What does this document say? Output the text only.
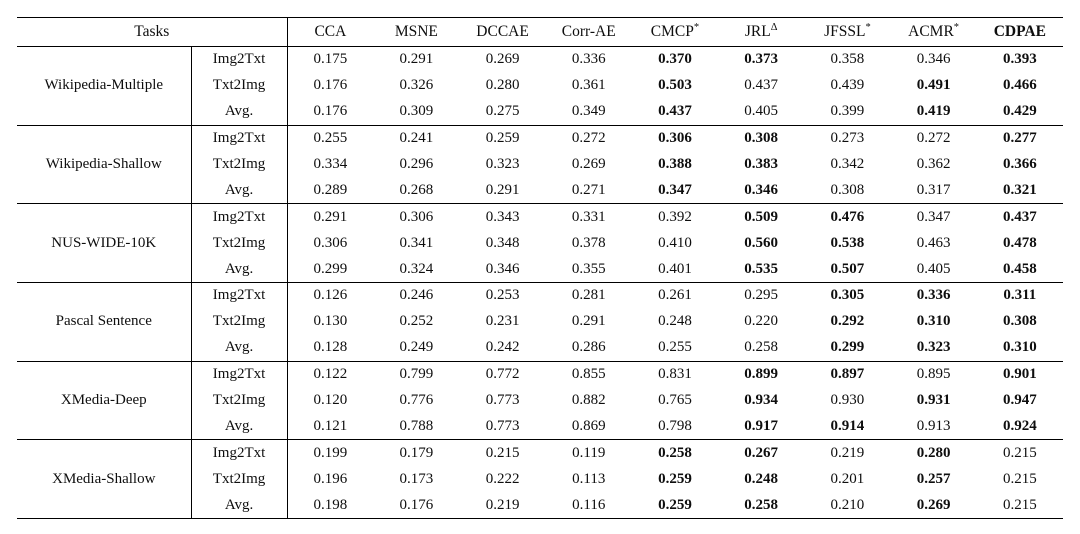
Tasks		CCA	MSNE	DCCAE	Corr-AE	CMCP*	$JRL^\Delta$	JFSSL*	ACMR*	CDPAE
Wikipedia-Multiple	Img2Txt	0.175	0.291	0.269	0.336	0.370	0.373	0.358	0.346	0.393
	Txt2Img	0.176	0.326	0.280	0.361	0.503	0.437	0.439	0.491	0.466
	Avg.	0.176	0.309	0.275	0.349	0.437	0.405	0.399	0.419	0.429
Wikipedia-Shallow	Img2Txt	0.255	0.241	0.259	0.272	0.306	0.308	0.273	0.272	0.277
	Txt2Img	0.334	0.296	0.323	0.269	0.388	0.383	0.342	0.362	0.366
	Avg.	0.289	0.268	0.291	0.271	0.347	0.346	0.308	0.317	0.321
NUS-WIDE-10K	Img2Txt	0.291	0.306	0.343	0.331	0.392	0.509	0.476	0.347	0.437
	Txt2Img	0.306	0.341	0.348	0.378	0.410	0.560	0.538	0.463	0.478
	Avg.	0.299	0.324	0.346	0.355	0.401	0.535	0.507	0.405	0.458
Pascal Sentence	Img2Txt	0.126	0.246	0.253	0.281	0.261	0.295	0.305	0.336	0.311
	Txt2Img	0.130	0.252	0.231	0.291	0.248	0.220	0.292	0.310	0.308
	Avg.	0.128	0.249	0.242	0.286	0.255	0.258	0.299	0.323	0.310
XMedia-Deep	Img2Txt	0.122	0.799	0.772	0.855	0.831	0.899	0.897	0.895	0.901
	Txt2Img	0.120	0.776	0.773	0.882	0.765	0.934	0.930	0.931	0.947
	Avg.	0.121	0.788	0.773	0.869	0.798	0.917	0.914	0.913	0.924
XMedia-Shallow	Img2Txt	0.199	0.179	0.215	0.119	0.258	0.267	0.219	0.280	0.215
	Txt2Img	0.196	0.173	0.222	0.113	0.259	0.248	0.201	0.257	0.215
	Avg.	0.198	0.176	0.219	0.116	0.259	0.258	0.210	0.269	0.215
